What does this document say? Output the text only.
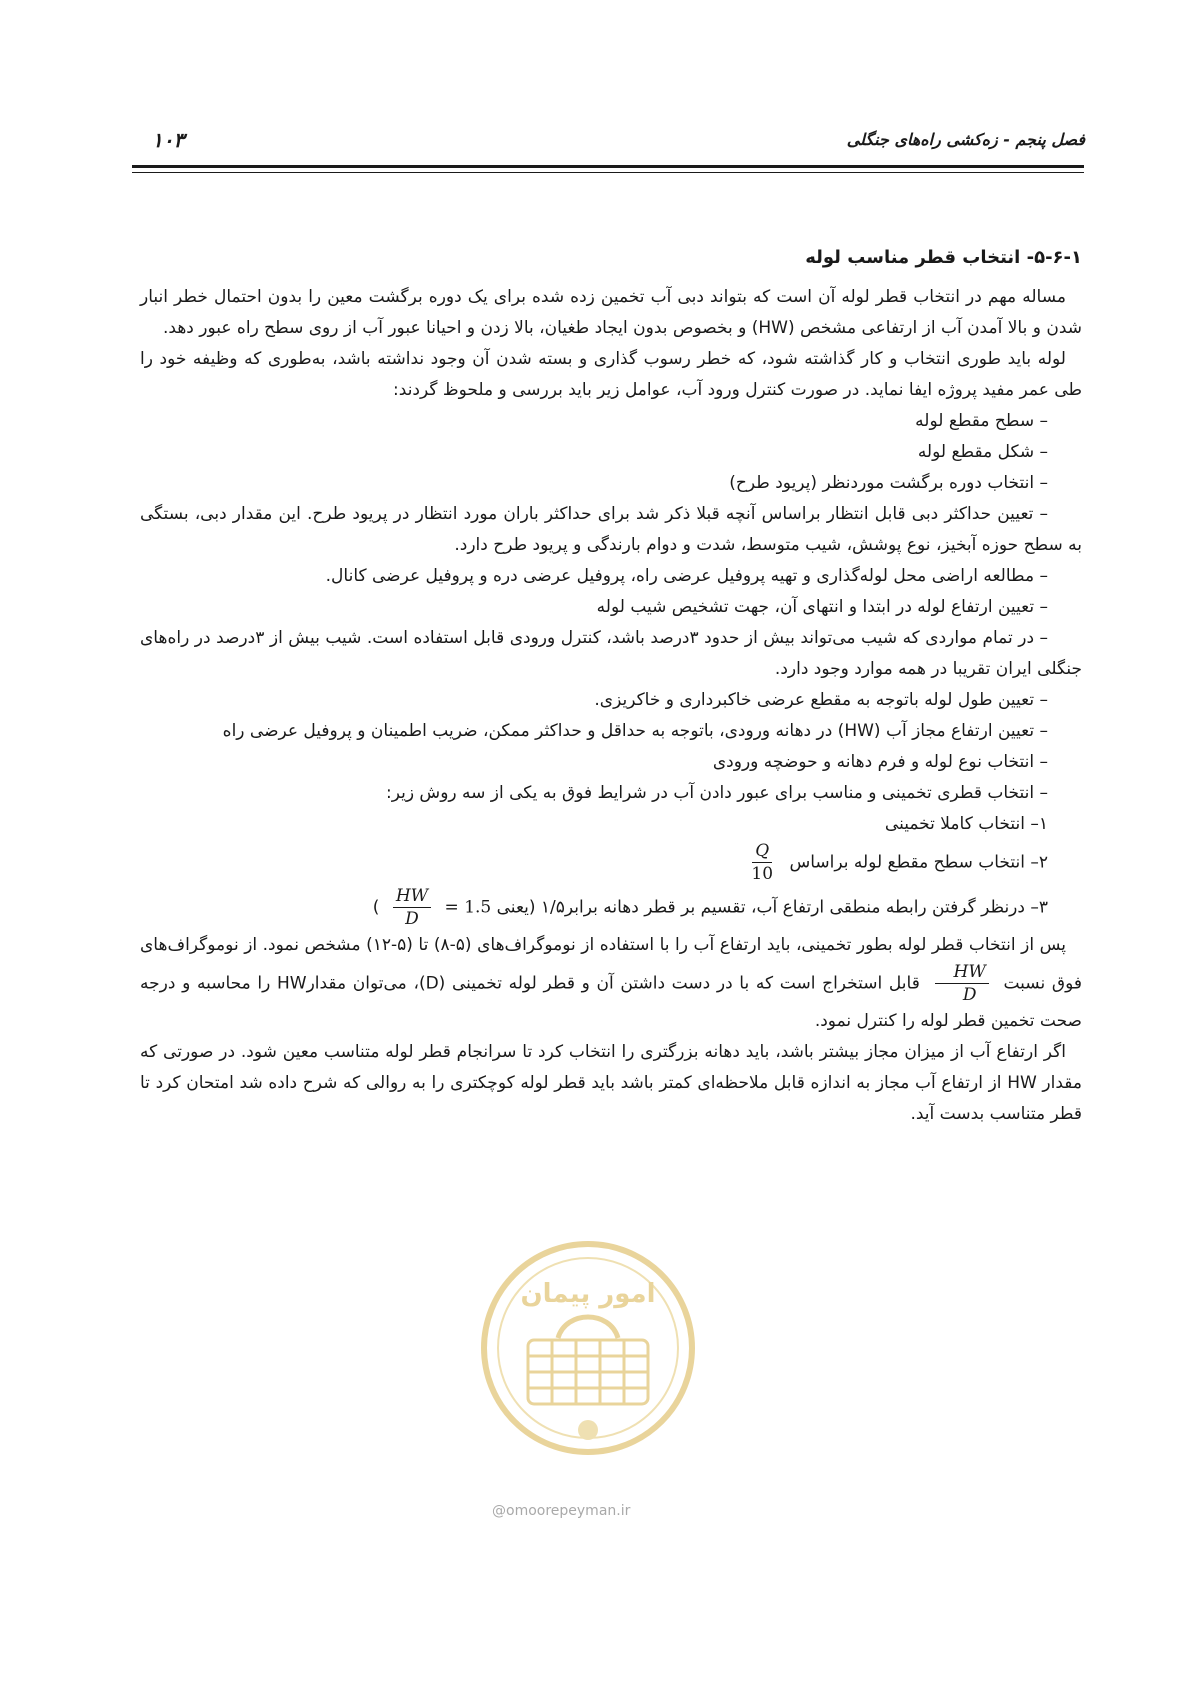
فصل پنجم - زه‌کشی راه‌های جنگلی
۱۰۳

۵-۶-۱- انتخاب قطر مناسب لوله

مساله مهم در انتخاب قطر لوله آن است که بتواند دبی آب تخمین زده شده برای یک دوره برگشت معین را بدون احتمال خطر انبار شدن و بالا آمدن آب از ارتفاعی مشخص (HW) و بخصوص بدون ایجاد طغیان، بالا زدن و احیانا عبور آب از روی سطح راه عبور دهد.

لوله باید طوری انتخاب و کار گذاشته شود، که خطر رسوب گذاری و بسته شدن آن وجود نداشته باشد، به‌طوری که وظیفه خود را طی عمر مفید پروژه ایفا نماید. در صورت کنترل ورود آب، عوامل زیر باید بررسی و ملحوظ گردند:

– سطح مقطع لوله

– شکل مقطع لوله

– انتخاب دوره برگشت موردنظر (پریود طرح)

– تعیین حداکثر دبی قابل انتظار براساس آنچه قبلا ذکر شد برای حداکثر باران مورد انتظار در پریود طرح. این مقدار دبی، بستگی به سطح حوزه آبخیز، نوع پوشش، شیب متوسط، شدت و دوام بارندگی و پریود طرح دارد.

– مطالعه اراضی محل لوله‌گذاری و تهیه پروفیل عرضی راه، پروفیل عرضی دره و پروفیل عرضی کانال.

– تعیین ارتفاع لوله در ابتدا و انتهای آن، جهت تشخیص شیب لوله

– در تمام مواردی که شیب می‌تواند بیش از حدود ۳درصد باشد، کنترل ورودی قابل استفاده است. شیب بیش از ۳درصد در راه‌های جنگلی ایران تقریبا در همه موارد وجود دارد.

– تعیین طول لوله باتوجه به مقطع عرضی خاکبرداری و خاکریزی.

– تعیین ارتفاع مجاز آب (HW) در دهانه ورودی، باتوجه به حداقل و حداکثر ممکن، ضریب اطمینان و پروفیل عرضی راه

– انتخاب نوع لوله و فرم دهانه و حوضچه ورودی

– انتخاب قطری تخمینی و مناسب برای عبور دادن آب در شرایط فوق به یکی از سه روش زیر:

۱– انتخاب کاملا تخمینی

۲– انتخاب سطح مقطع لوله براساس
$\frac{Q}{10}$

۳– درنظر گرفتن رابطه منطقی ارتفاع آب، تقسیم بر قطر دهانه برابر۱/۵ (یعنی = 1.5
$\frac{HW}{D}$
)

پس از انتخاب قطر لوله بطور تخمینی، باید ارتفاع آب را با استفاده از نوموگراف‌های (۵-۸) تا (۵-۱۲) مشخص نمود. از نوموگراف‌های فوق نسبت
$\frac{HW}{D}$
قابل استخراج است که با در دست داشتن آن و قطر لوله تخمینی (D)، می‌توان مقدارHW را محاسبه و درجه صحت تخمین قطر لوله را کنترل نمود.

اگر ارتفاع آب از میزان مجاز بیشتر باشد، باید دهانه بزرگتری را انتخاب کرد تا سرانجام قطر لوله متناسب معین شود. در صورتی که مقدار HW از ارتفاع آب مجاز به اندازه قابل ملاحظه‌ای کمتر باشد باید قطر لوله کوچکتری را به روالی که شرح داده شد امتحان کرد تا قطر متناسب بدست آید.

امور پیمان
@omoorepeyman.ir
